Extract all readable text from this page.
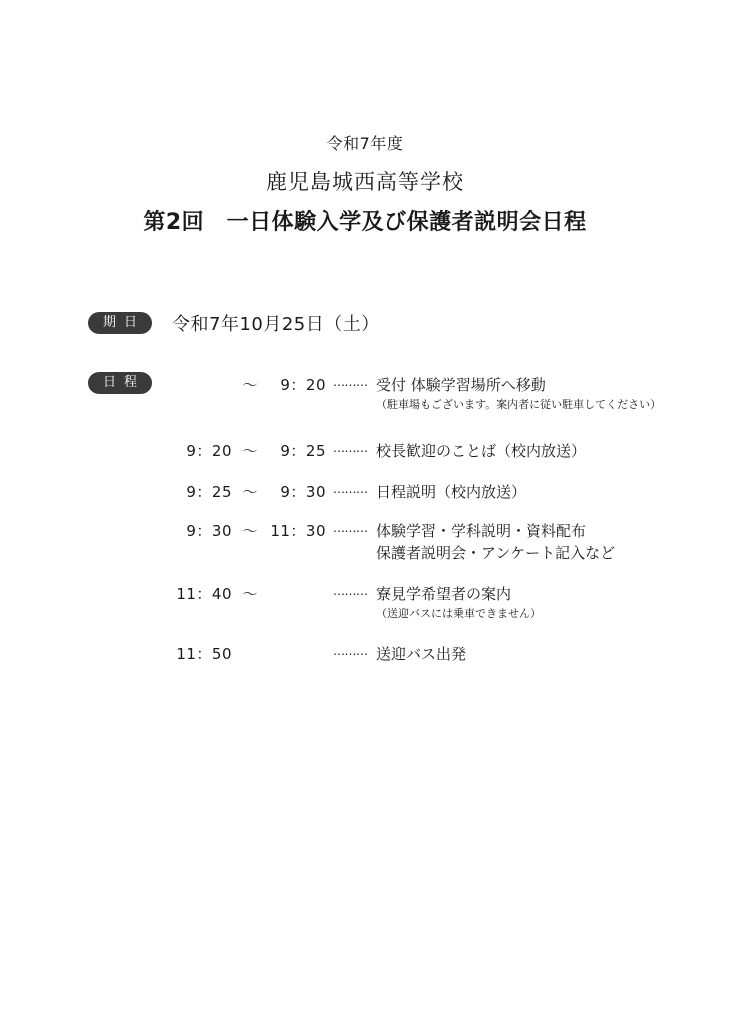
令和7年度
鹿児島城西高等学校
第2回　一日体験入学及び保護者説明会日程
期日	令和7年10月25日（土）
日程	～	9：20 ……… 受付 体験学習場所へ移動
（駐車場もございます。案内者に従い駐車してください）
9：20 ～	9：25 ……… 校長歓迎のことば（校内放送）
9：25 ～	9：30 ……… 日程説明（校内放送）
9：30 ～ 11：30 ……… 体験学習・学科説明・資料配布
保護者説明会・アンケート記入など
11：40 ～	……… 寮見学希望者の案内
（送迎バスには乗車できません）
11：50	……… 送迎バス出発
